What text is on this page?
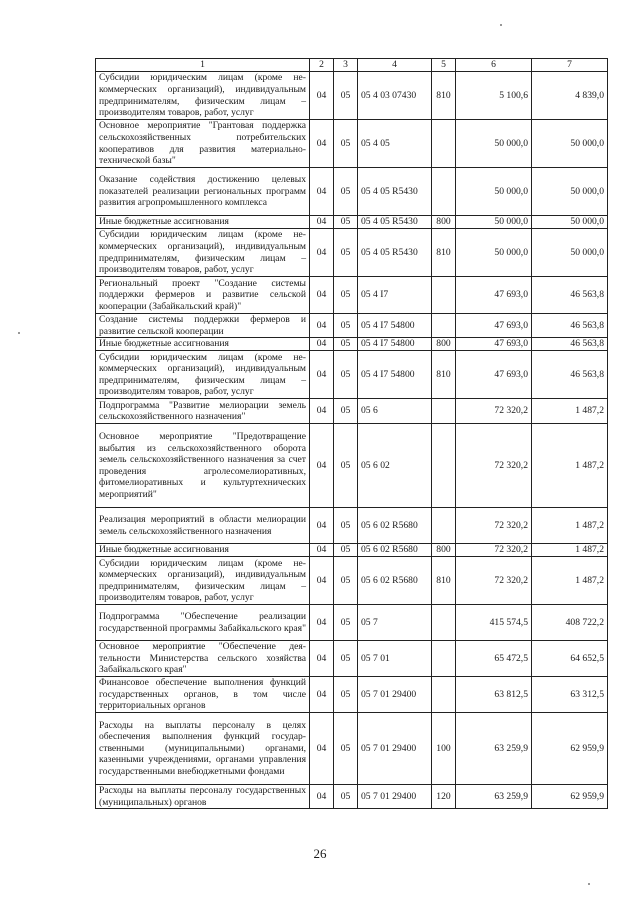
1	2	3	4	5	6	7
Субсидии юридическим лицам (кроме некоммерческих организаций), индивидуальным предпринимателям, физическим лицам – производителям товаров, работ, услуг	04	05	05 4 03 07430	810	5 100,6	4 839,0
Основное мероприятие "Грантовая поддержка сельскохозяйственных потребительских кооперативов для развития материально-технической базы"	04	05	05 4 05		50 000,0	50 000,0
Оказание содействия достижению целевых показателей реализации региональных программ развития агропромышленного комплекса	04	05	05 4 05 R5430		50 000,0	50 000,0
Иные бюджетные ассигнования	04	05	05 4 05 R5430	800	50 000,0	50 000,0
Субсидии юридическим лицам (кроме некоммерческих организаций), индивидуальным предпринимателям, физическим лицам – производителям товаров, работ, услуг	04	05	05 4 05 R5430	810	50 000,0	50 000,0
Региональный проект "Создание системы поддержки фермеров и развитие сельской кооперации (Забайкальский край)"	04	05	05 4 I7		47 693,0	46 563,8
Создание системы поддержки фермеров и развитие сельской кооперации	04	05	05 4 I7 54800		47 693,0	46 563,8
Иные бюджетные ассигнования	04	05	05 4 I7 54800	800	47 693,0	46 563,8
Субсидии юридическим лицам (кроме некоммерческих организаций), индивидуальным предпринимателям, физическим лицам – производителям товаров, работ, услуг	04	05	05 4 I7 54800	810	47 693,0	46 563,8
Подпрограмма "Развитие мелиорации земель сельскохозяйственного назначения"	04	05	05 6		72 320,2	1 487,2
Основное мероприятие "Предотвращение выбытия из сельскохозяйственного оборота земель сельскохозяйственного назначения за счет проведения агролесомелиоративных, фитомелиоративных и культуртехнических мероприятий"	04	05	05 6 02		72 320,2	1 487,2
Реализация мероприятий в области мелиорации земель сельскохозяйственного назначения	04	05	05 6 02 R5680		72 320,2	1 487,2
Иные бюджетные ассигнования	04	05	05 6 02 R5680	800	72 320,2	1 487,2
Субсидии юридическим лицам (кроме некоммерческих организаций), индивидуальным предпринимателям, физическим лицам – производителям товаров, работ, услуг	04	05	05 6 02 R5680	810	72 320,2	1 487,2
Подпрограмма "Обеспечение реализации государственной программы Забайкальского края"	04	05	05 7		415 574,5	408 722,2
Основное мероприятие "Обеспечение деятельности Министерства сельского хозяйства Забайкальского края"	04	05	05 7 01		65 472,5	64 652,5
Финансовое обеспечение выполнения функций государственных органов, в том числе территориальных органов	04	05	05 7 01 29400		63 812,5	63 312,5
Расходы на выплаты персоналу в целях обеспечения выполнения функций государственными (муниципальными) органами, казенными учреждениями, органами управления государственными внебюджетными фондами	04	05	05 7 01 29400	100	63 259,9	62 959,9
Расходы на выплаты персоналу государственных (муниципальных) органов	04	05	05 7 01 29400	120	63 259,9	62 959,9
26
